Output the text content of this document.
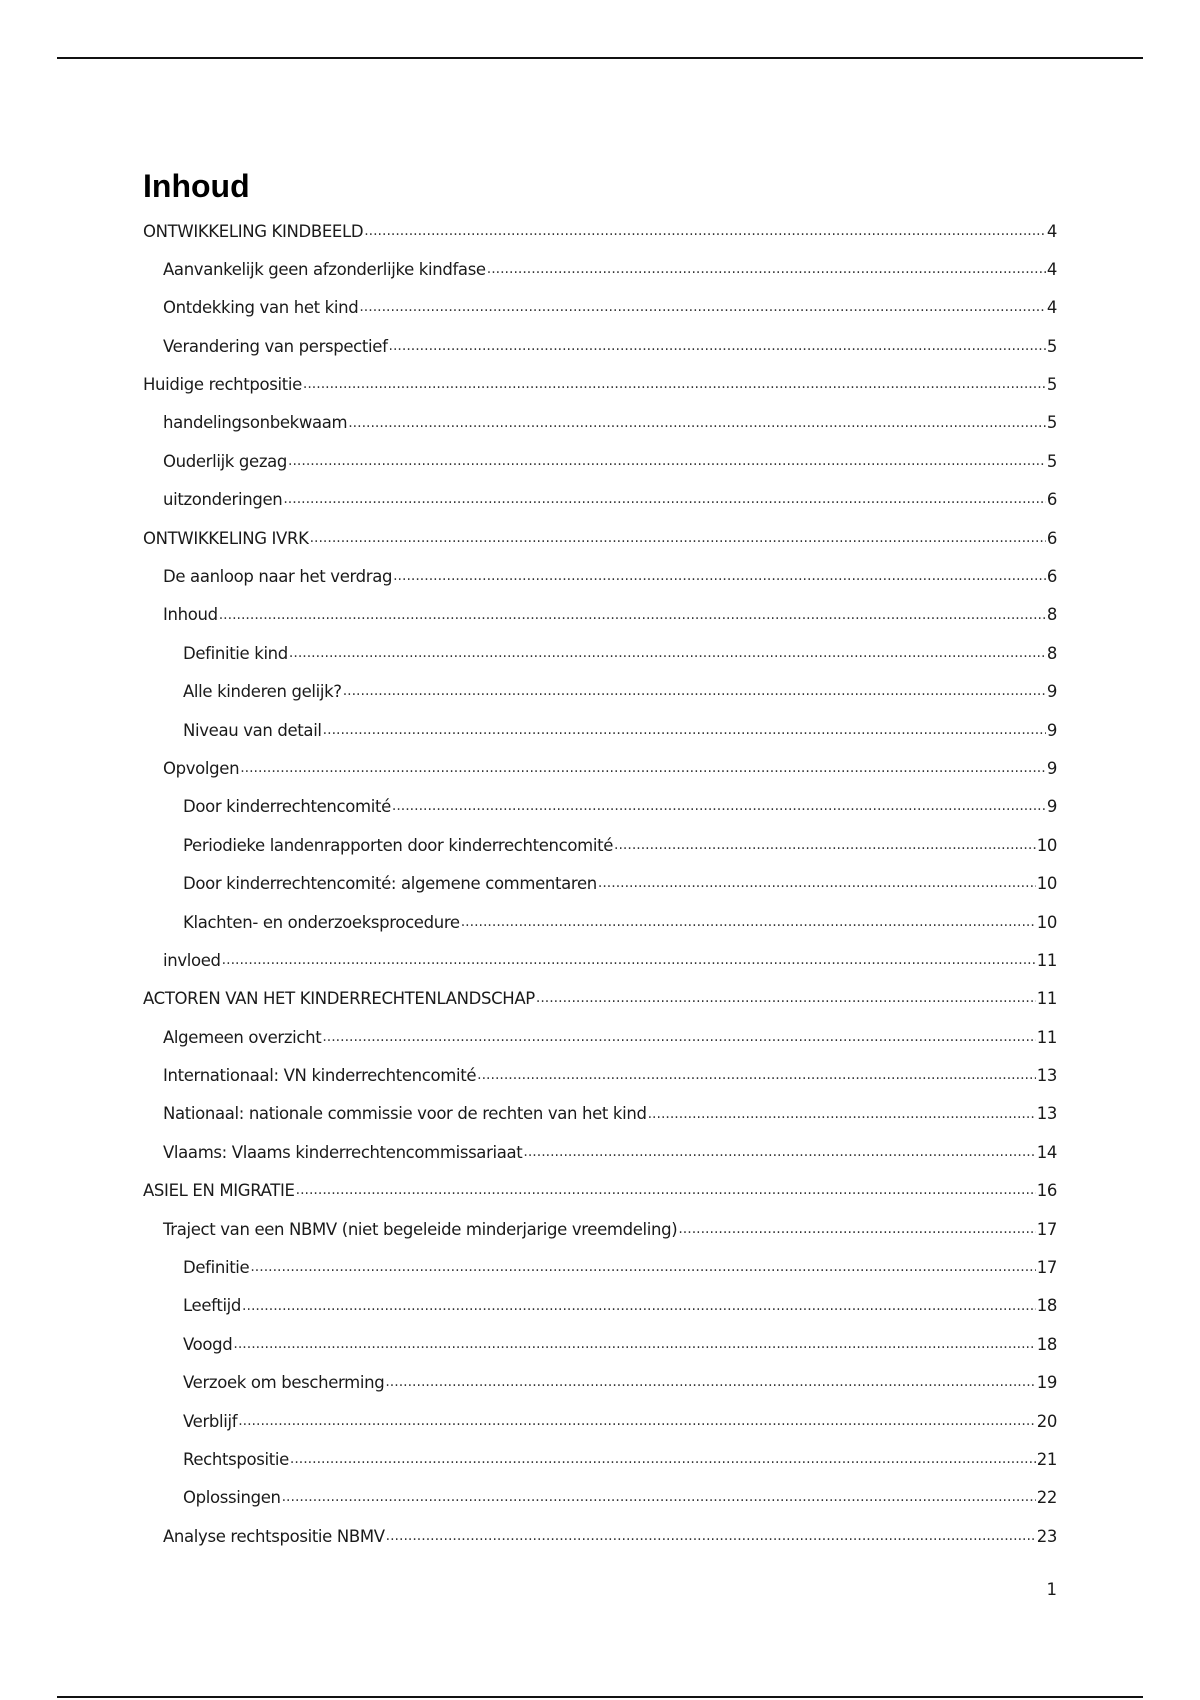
Inhoud
ONTWIKKELING KINDBEELD .....	4
Aanvankelijk geen afzonderlijke kindfase .....	4
Ontdekking van het kind .....	4
Verandering van perspectief .....	5
Huidige rechtpositie .....	5
handelingsonbekwaam .....	5
Ouderlijk gezag .....	5
uitzonderingen .....	6
ONTWIKKELING IVRK .....	6
De aanloop naar het verdrag .....	6
Inhoud .....	8
Definitie kind .....	8
Alle kinderen gelijk? .....	9
Niveau van detail .....	9
Opvolgen .....	9
Door kinderrechtencomité .....	9
Periodieke landenrapporten door kinderrechtencomité .....	10
Door kinderrechtencomité: algemene commentaren .....	10
Klachten- en onderzoeksprocedure .....	10
invloed .....	11
ACTOREN VAN HET KINDERRECHTENLANDSCHAP .....	11
Algemeen overzicht .....	11
Internationaal: VN kinderrechtencomité .....	13
Nationaal: nationale commissie voor de rechten van het kind .....	13
Vlaams: Vlaams kinderrechtencommissariaat .....	14
ASIEL EN MIGRATIE .....	16
Traject van een NBMV (niet begeleide minderjarige vreemdeling) .....	17
Definitie .....	17
Leeftijd .....	18
Voogd .....	18
Verzoek om bescherming .....	19
Verblijf .....	20
Rechtspositie .....	21
Oplossingen .....	22
Analyse rechtspositie NBMV .....	23
1
